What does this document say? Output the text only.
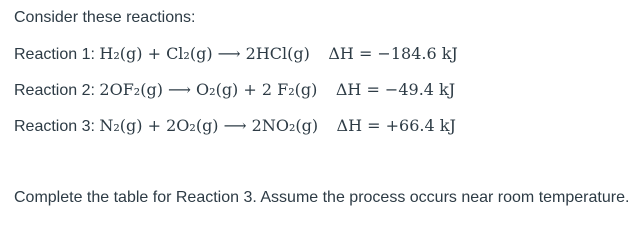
Consider these reactions:
Reaction 1: H₂(g) + Cl₂(g) ⟶ 2HCl(g) ΔH = −184.6 kJ
Reaction 2: 2OF₂(g) ⟶ O₂(g) + 2 F₂(g) ΔH = −49.4 kJ
Reaction 3: N₂(g) + 2O₂(g) ⟶ 2NO₂(g) ΔH = +66.4 kJ
Complete the table for Reaction 3. Assume the process occurs near room temperature.
